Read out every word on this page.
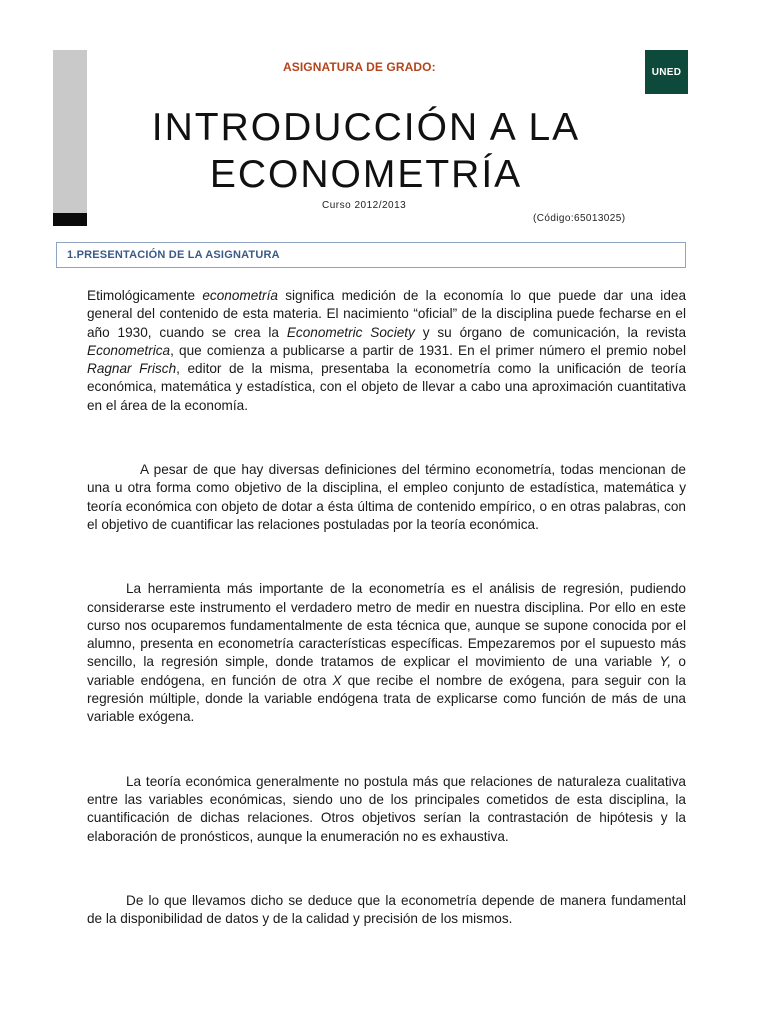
ASIGNATURA DE GRADO:	UNED
INTRODUCCIÓN A LA
ECONOMETRÍA
Curso 2012/2013
(Código:65013025)
1.PRESENTACIÓN DE LA ASIGNATURA

Etimológicamente econometría significa medición de la economía lo que puede dar una idea general del contenido de esta materia. El nacimiento “oficial” de la disciplina puede fecharse en el año 1930, cuando se crea la Econometric Society y su órgano de comunicación, la revista Econometrica, que comienza a publicarse a partir de 1931. En el primer número el premio nobel Ragnar Frisch, editor de la misma, presentaba la econometría como la unificación de teoría económica, matemática y estadística, con el objeto de llevar a cabo una aproximación cuantitativa en el área de la economía.

A pesar de que hay diversas definiciones del término econometría, todas mencionan de una u otra forma como objetivo de la disciplina, el empleo conjunto de estadística, matemática y teoría económica con objeto de dotar a ésta última de contenido empírico, o en otras palabras, con el objetivo de cuantificar las relaciones postuladas por la teoría económica.

La herramienta más importante de la econometría es el análisis de regresión, pudiendo considerarse este instrumento el verdadero metro de medir en nuestra disciplina. Por ello en este curso nos ocuparemos fundamentalmente de esta técnica que, aunque se supone conocida por el alumno, presenta en econometría características específicas. Empezaremos por el supuesto más sencillo, la regresión simple, donde tratamos de explicar el movimiento de una variable Y, o variable endógena, en función de otra X que recibe el nombre de exógena, para seguir con la regresión múltiple, donde la variable endógena trata de explicarse como función de más de una variable exógena.

La teoría económica generalmente no postula más que relaciones de naturaleza cualitativa entre las variables económicas, siendo uno de los principales cometidos de esta disciplina, la cuantificación de dichas relaciones. Otros objetivos serían la contrastación de hipótesis y la elaboración de pronósticos, aunque la enumeración no es exhaustiva.

De lo que llevamos dicho se deduce que la econometría depende de manera fundamental de la disponibilidad de datos y de la calidad y precisión de los mismos.
